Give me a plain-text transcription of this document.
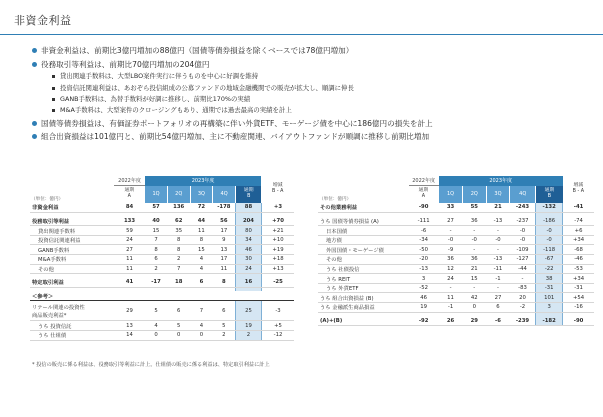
非資金利益
非資金利益は、前期比3億円増加の88億円（国債等債券損益を除くベースでは78億円増加）
役務取引等利益は、前期比70億円増加の204億円
貸出関連手数料は、大型LBO案件実行に伴うものを中心に好調を維持
投資信託関連利益は、あおぞら投信組成の公募ファンドの地域金融機関での販売が拡大し、順調に伸長
GANB手数料は、為替手数料が好調に推移し、前期比170%の実績
M&A手数料は、大型案件のクロージングもあり、通期では過去最高の実績を計上
国債等債券損益は、有価証券ポートフォリオの再構築に伴い外貨ETF、モーゲージ債を中心に186億円の損失を計上
組合出資損益は101億円と、前期比54億円増加、主に不動産関連、バイアウトファンドが順調に推移し前期比増加
（単位：億円）	2022年度	2023年度					増減
B - A
	通期
A	1Q	2Q	3Q	4Q	通期
B	
非資金利益	84	57	136	72	-178	88	+3

役務取引等利益	133	40	62	44	56	204	+70
貸出関連手数料	59	15	35	11	17	80	+21
投資信託関連利益	24	7	8	8	9	34	+10
GANB手数料	27	8	8	15	13	46	+19
M&A手数料	11	6	2	4	17	30	+18
その他	11	2	7	4	11	24	+13

特定取引利益	41	-17	18	6	8	16	-25

＜参考＞							
リテール関連の投資性
商品販売利益*	29	5	6	7	6	25	-3
うち 投資信託	13	4	5	4	5	19	+5
うち 仕組債	14	0	0	0	2	2	-12
（単位：億円）	2022年度	2023年度					増減
B - A
	通期
A	1Q	2Q	3Q	4Q	通期
B	
その他業務利益	-90	33	55	21	-243	-132	-41

うち 国債等債券損益 (A)	-111	27	36	-13	-237	-186	-74
日本国債	-6	-	-	-	-0	-0	+6
地方債	-34	-0	-0	-0	-0	-0	+34
外国国債・モーゲージ債	-50	-9	-	-	-109	-118	-68
その他	-20	36	36	-13	-127	-67	-46
うち 社債投信	-13	12	21	-11	-44	-22	-53
うち REIT	3	24	15	-1	-	38	+34
うち 外貨ETF	-52	-	-	-	-83	-31	-31
うち 組合出資損益 (B)	46	11	42	27	20	101	+54
うち 金融派生商品損益	19	-1	0	6	-2	3	-16

(A)+(B)	-92	26	29	-6	-239	-182	-90
* 投信の販売に係る利益は、役務取引等利益に計上。仕組債の販売に係る利益は、特定取引利益に計上
